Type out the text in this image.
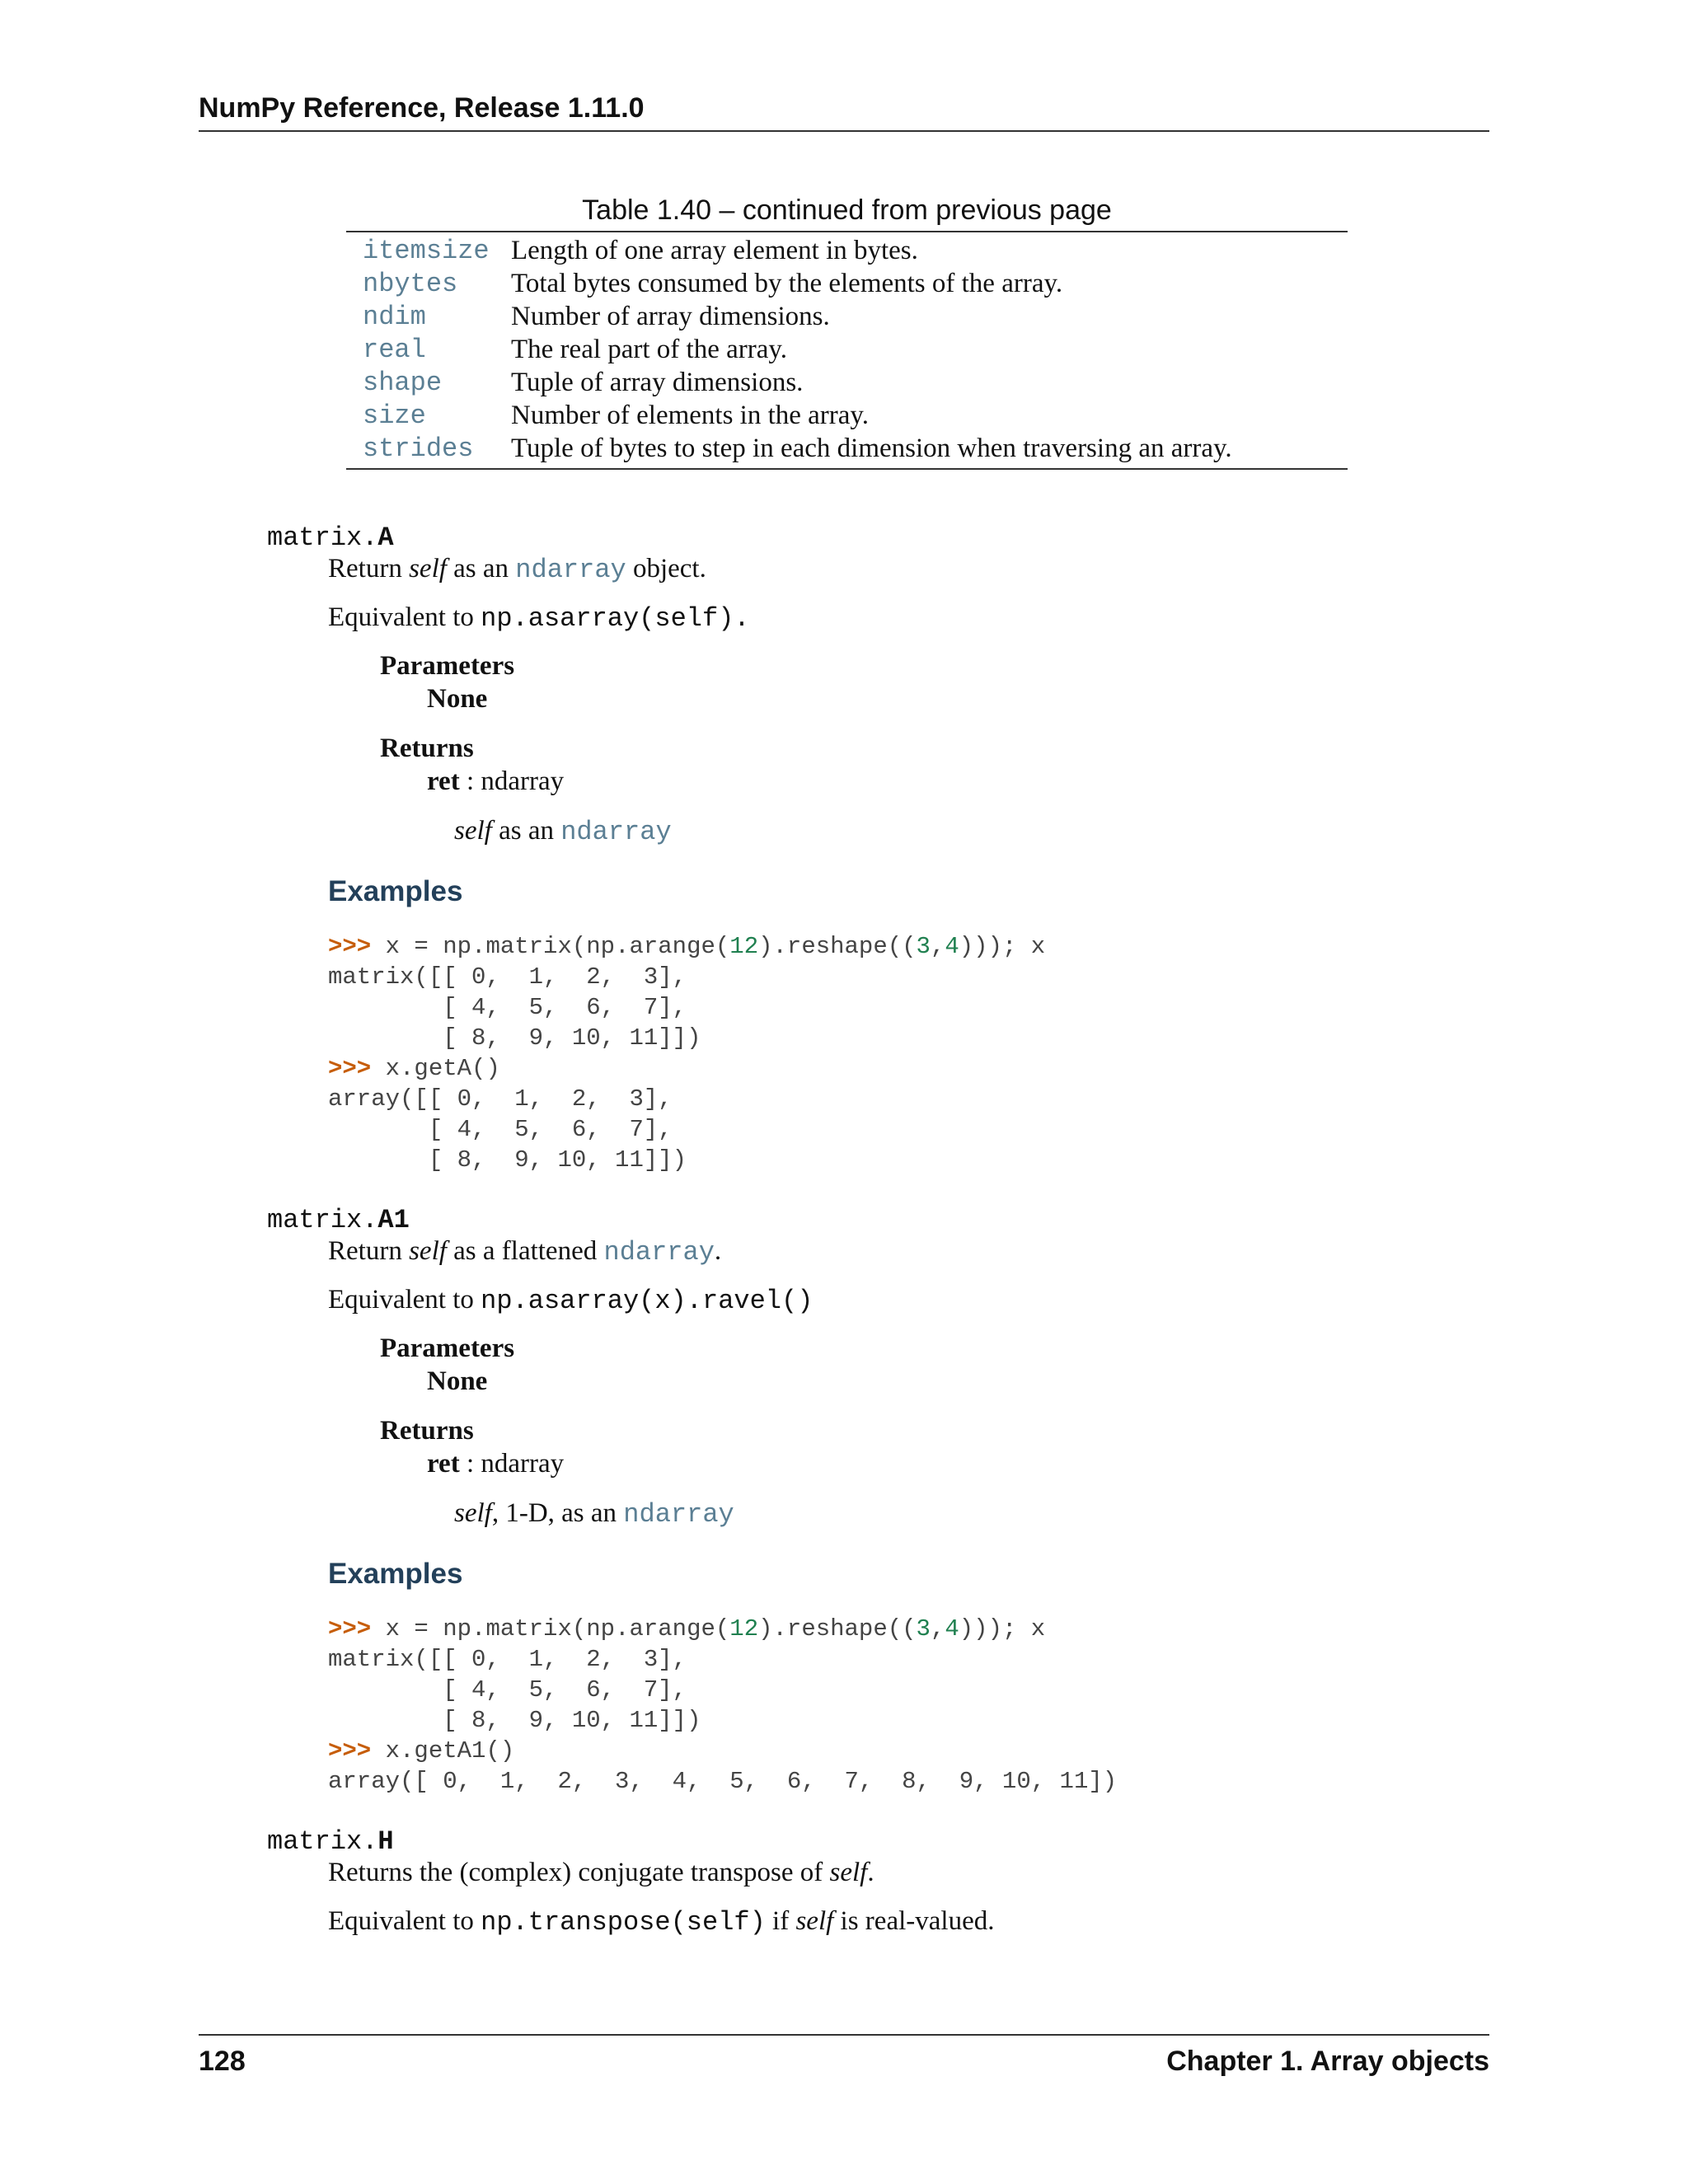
NumPy Reference, Release 1.11.0
Table 1.40 – continued from previous page
itemsize Length of one array element in bytes.
nbytes	Total bytes consumed by the elements of the array.
ndim	Number of array dimensions.
real	The real part of the array.
shape	Tuple of array dimensions.
size	Number of elements in the array.
strides	Tuple of bytes to step in each dimension when traversing an array.
matrix.A
Return self as an ndarray object.
Equivalent to np.asarray(self).
Parameters
None
Returns
ret : ndarray
self as an ndarray
Examples
>>> x = np.matrix(np.arange(12).reshape((3,4))); x
matrix([[ 0,  1,  2,  3],
[ 4,  5,  6,  7],
[ 8,  9, 10, 11]])
>>> x.getA()
array([[ 0,  1,  2,  3],
[ 4,  5,  6,  7],
[ 8,  9, 10, 11]])
matrix.A1
Return self as a flattened ndarray.
Equivalent to np.asarray(x).ravel()
Parameters
None
Returns
ret : ndarray
self, 1-D, as an ndarray
Examples
>>> x = np.matrix(np.arange(12).reshape((3,4))); x
matrix([[ 0,  1,  2,  3],
[ 4,  5,  6,  7],
[ 8,  9, 10, 11]])
>>> x.getA1()
array([ 0,  1,  2,  3,  4,  5,  6,  7,  8,  9, 10, 11])
matrix.H
Returns the (complex) conjugate transpose of self.
Equivalent to np.transpose(self) if self is real-valued.
128	Chapter 1. Array objects
